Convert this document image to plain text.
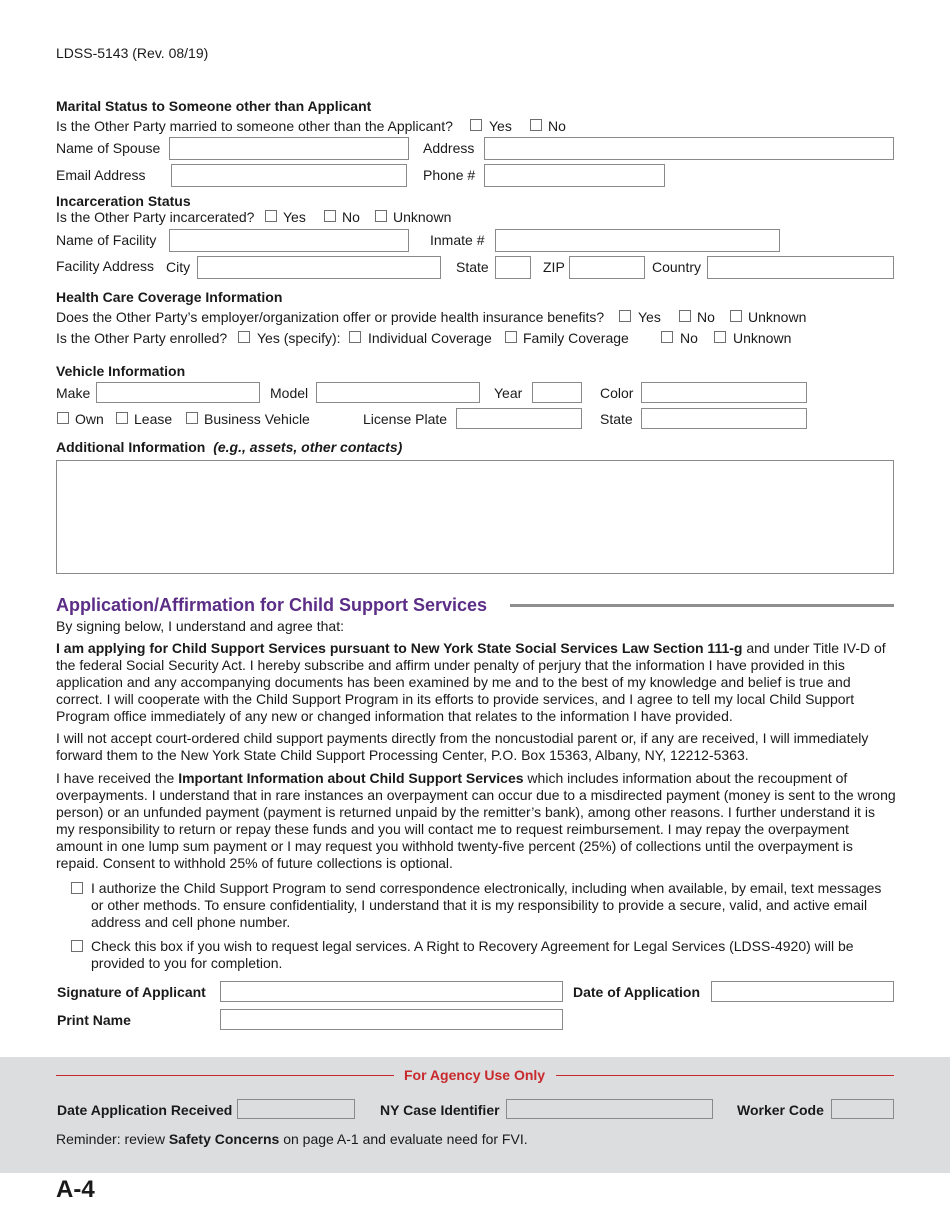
LDSS-5143 (Rev. 08/19)
Marital Status to Someone other than Applicant
Is the Other Party married to someone other than the Applicant?	Yes	No
Name of Spouse	Address
Email Address	Phone #
Incarceration Status
Is the Other Party incarcerated? Yes	No Unknown
Name of Facility	Inmate #
Facility Address City	State	ZIP	Country
Health Care Coverage Information
Does the Other Party’s employer/organization offer or provide health insurance benefits? Yes	No Unknown
Is the Other Party enrolled? Yes (specify): Individual Coverage Family Coverage	No	Unknown
Vehicle Information
Make	Model	Year	Color
Own Lease Business Vehicle	License Plate	State
Additional Information (e.g., assets, other contacts)
Application/Affirmation for Child Support Services
By signing below, I understand and agree that:

I am applying for Child Support Services pursuant to New York State Social Services Law Section 111-g and under Title IV-D of the federal Social Security Act. I hereby subscribe and affirm under penalty of perjury that the information I have provided in this application and any accompanying documents has been examined by me and to the best of my knowledge and belief is true and correct. I will cooperate with the Child Support Program in its efforts to provide services, and I agree to tell my local Child Support Program office immediately of any new or changed information that relates to the information I have provided.

I will not accept court-ordered child support payments directly from the noncustodial parent or, if any are received, I will immediately forward them to the New York State Child Support Processing Center, P.O. Box 15363, Albany, NY, 12212-5363.

I have received the Important Information about Child Support Services which includes information about the recoupment of overpayments. I understand that in rare instances an overpayment can occur due to a misdirected payment (money is sent to the wrong person) or an unfunded payment (payment is returned unpaid by the remitter’s bank), among other reasons. I further understand it is my responsibility to return or repay these funds and you will contact me to request reimbursement. I may repay the overpayment amount in one lump sum payment or I may request you withhold twenty-five percent (25%) of collections until the overpayment is repaid. Consent to withhold 25% of future collections is optional.

I authorize the Child Support Program to send correspondence electronically, including when available, by email, text messages or other methods. To ensure confidentiality, I understand that it is my responsibility to provide a secure, valid, and active email address and cell phone number.

Check this box if you wish to request legal services. A Right to Recovery Agreement for Legal Services (LDSS-4920) will be provided to you for completion.

Signature of Applicant	Date of Application
Print Name
For Agency Use Only
Date Application Received	NY Case Identifier	Worker Code
Reminder: review Safety Concerns on page A-1 and evaluate need for FVI.
A-4
